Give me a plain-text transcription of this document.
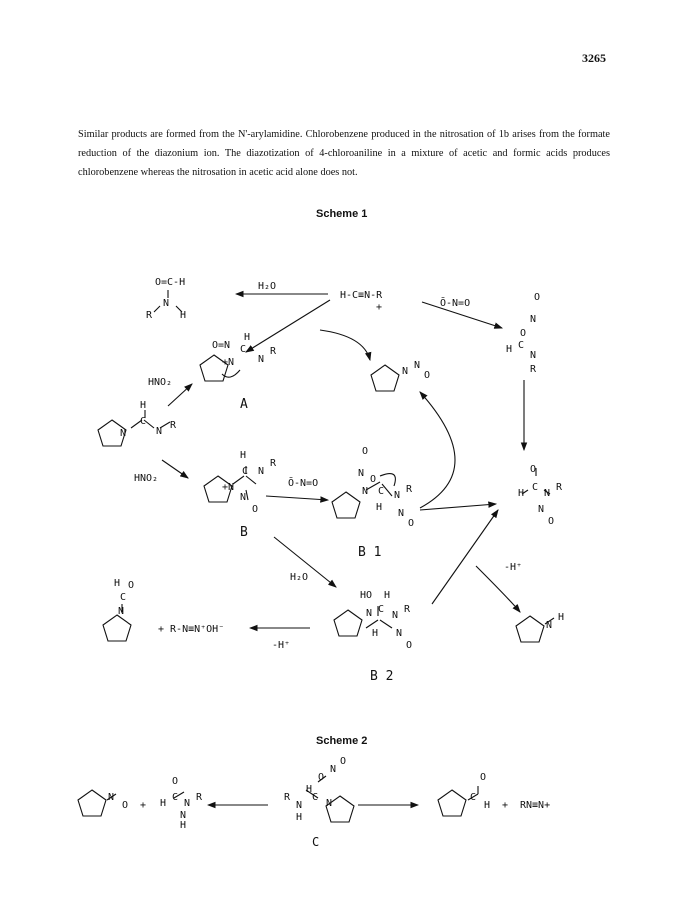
3265
Similar products are formed from the N'-arylamidine. Chlorobenzene produced in the nitrosation of 1b arises from the formate reduction of the diazonium ion. The diazotization of 4-chloroaniline in a mixture of acetic and formic acids produces chlorobenzene whereas the nitrosation in acetic acid alone does not.
Scheme 1
Scheme 2
O=C-H
N
R	H
H₂O
H-C≡N-R
+	Ō-N=O
O
N
O
H C
N
R
O=N
H
C
+N N
R
N
N
O
HNO₂
A
H
C
N	N
R
HNO₂
H
C
+N
N
R
N
O
Ō-N=O
B
O
N
O
N C N
R
H
N
O
B 1
O
H
C
N
R
N
O
H₂O
-H⁺
H
C
O
N
+ R-N≡N⁺OH⁻
-H⁺
HO H
N C
N
R
H N
O
B 2
N
H
N
O +
O
H
C
N
R
N
H
R
N
H
C
O
N
O
N
H
C
O
C
H + RN≡N+
